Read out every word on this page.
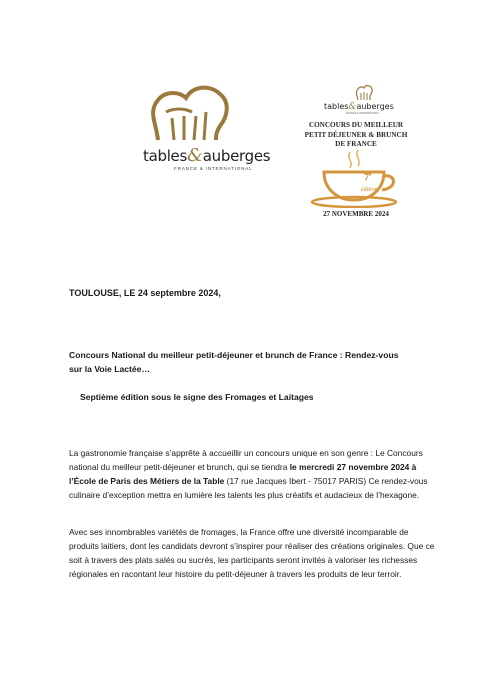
tables&auberges
FRANCE & INTERNATIONAL
tables&auberges
FRANCE & INTERNATIONAL
CONCOURS DU MEILLEUR
PETIT DÉJEUNER & BRUNCH
DE FRANCE
7e
édition
27 NOVEMBRE 2024
TOULOUSE, LE 24 septembre 2024,
Concours National du meilleur petit-déjeuner et brunch de France : Rendez-vous sur la Voie Lactée…
Septième édition sous le signe des Fromages et Laitages

La gastronomie française s’apprête à accueillir un concours unique en son genre : Le Concours national du meilleur petit-déjeuner et brunch, qui se tiendra le mercredi 27 novembre 2024 à l’École de Paris des Métiers de la Table (17 rue Jacques Ibert - 75017 PARIS) Ce rendez-vous culinaire d’exception mettra en lumière les talents les plus créatifs et audacieux de l’hexagone.

Avec ses innombrables variétés de fromages, la France offre une diversité incomparable de produits laitiers, dont les candidats devront s’inspirer pour réaliser des créations originales. Que ce soit à travers des plats salés ou sucrés, les participants seront invités à valoriser les richesses régionales en racontant leur histoire du petit-déjeuner à travers les produits de leur terroir.
